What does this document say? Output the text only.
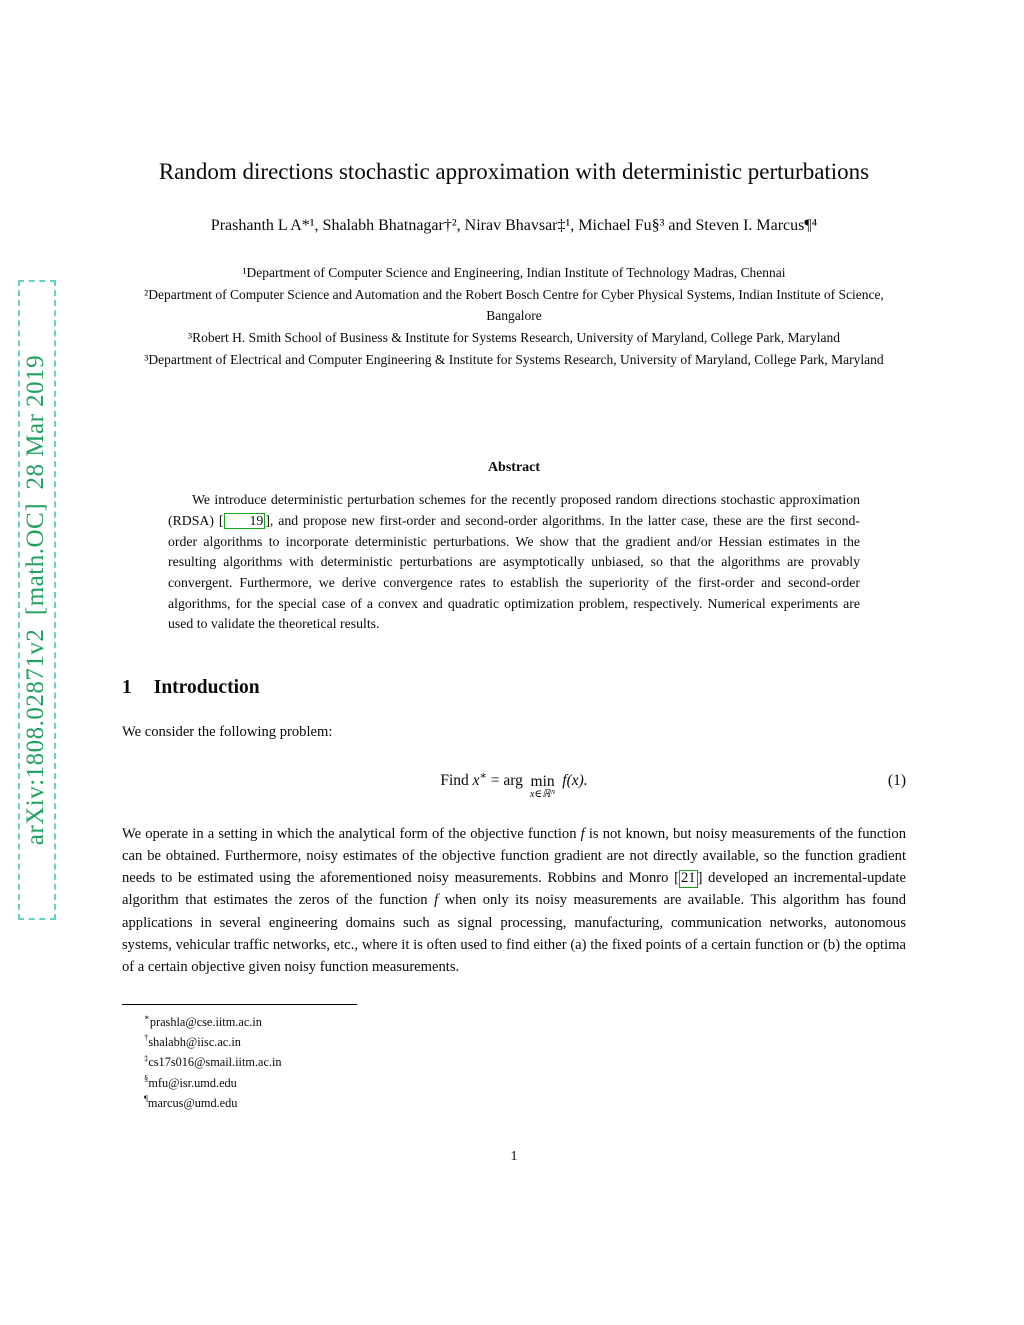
arXiv:1808.02871v2  [math.OC]  28 Mar 2019
Random directions stochastic approximation with deterministic perturbations

Prashanth L A*¹, Shalabh Bhatnagar†², Nirav Bhavsar‡¹, Michael Fu§³ and Steven I. Marcus¶⁴

¹Department of Computer Science and Engineering, Indian Institute of Technology Madras, Chennai

²Department of Computer Science and Automation and the Robert Bosch Centre for Cyber Physical Systems, Indian Institute of Science, Bangalore

³Robert H. Smith School of Business & Institute for Systems Research, University of Maryland, College Park, Maryland

³Department of Electrical and Computer Engineering & Institute for Systems Research, University of Maryland, College Park, Maryland

Abstract

We introduce deterministic perturbation schemes for the recently proposed random directions stochastic approximation (RDSA) [ 19 ], and propose new first-order and second-order algorithms. In the latter case, these are the first second-order algorithms to incorporate deterministic perturbations. We show that the gradient and/or Hessian estimates in the resulting algorithms with deterministic perturbations are asymptotically unbiased, so that the algorithms are provably convergent. Furthermore, we derive convergence rates to establish the superiority of the first-order and second-order algorithms, for the special case of a convex and quadratic optimization problem, respectively. Numerical experiments are used to validate the theoretical results.

1 Introduction

We consider the following problem:

Find x∗ = arg min
x∈ℝᴺ
f(x).	(1)

We operate in a setting in which the analytical form of the objective function f is not known, but noisy measurements of the function can be obtained. Furthermore, noisy estimates of the objective function gradient are not directly available, so the function gradient needs to be estimated using the aforementioned noisy measurements. Robbins and Monro [ 21 ] developed an incremental-update algorithm that estimates the zeros of the function f when only its noisy measurements are available. This algorithm has found applications in several engineering domains such as signal processing, manufacturing, communication networks, autonomous systems, vehicular traffic networks, etc., where it is often used to find either (a) the fixed points of a certain function or (b) the optima of a certain objective given noisy function measurements.

∗prashla@cse.iitm.ac.in

†shalabh@iisc.ac.in

‡cs17s016@smail.iitm.ac.in

§mfu@isr.umd.edu

¶marcus@umd.edu

1
